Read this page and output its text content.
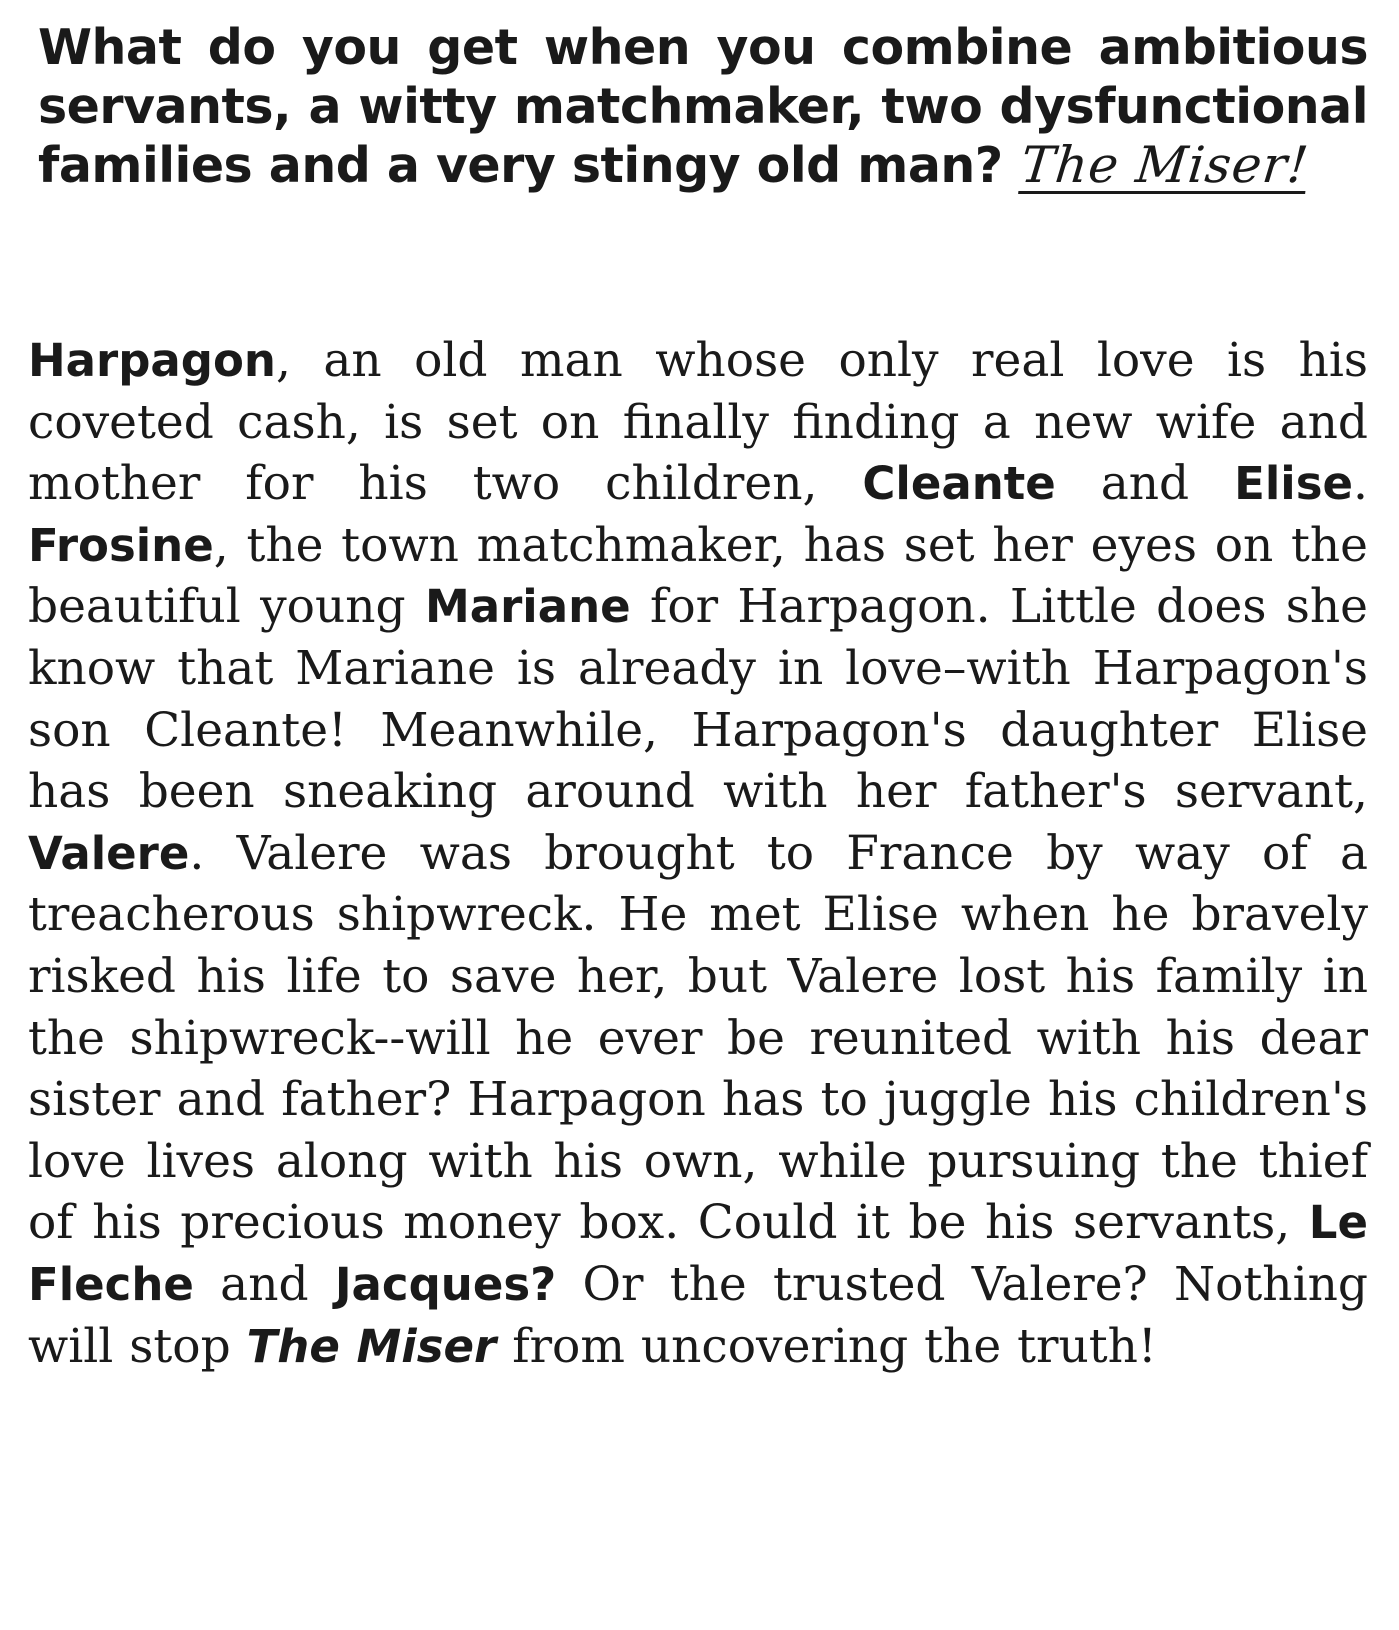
What do you get when you combine ambitious servants, a witty matchmaker, two dysfunctional families and a very stingy old man? The Miser!

Harpagon, an old man whose only real love is his coveted cash, is set on finally finding a new wife and mother for his two children, Cleante and Elise. Frosine, the town matchmaker, has set her eyes on the beautiful young Mariane for Harpagon. Little does she know that Mariane is already in love–with Harpagon's son Cleante! Meanwhile, Harpagon's daughter Elise has been sneaking around with her father's servant, Valere. Valere was brought to France by way of a treacherous shipwreck. He met Elise when he bravely risked his life to save her, but Valere lost his family in the shipwreck--will he ever be reunited with his dear sister and father? Harpagon has to juggle his children's love lives along with his own, while pursuing the thief of his precious money box. Could it be his servants, Le Fleche and Jacques? Or the trusted Valere? Nothing will stop The Miser from uncovering the truth!
